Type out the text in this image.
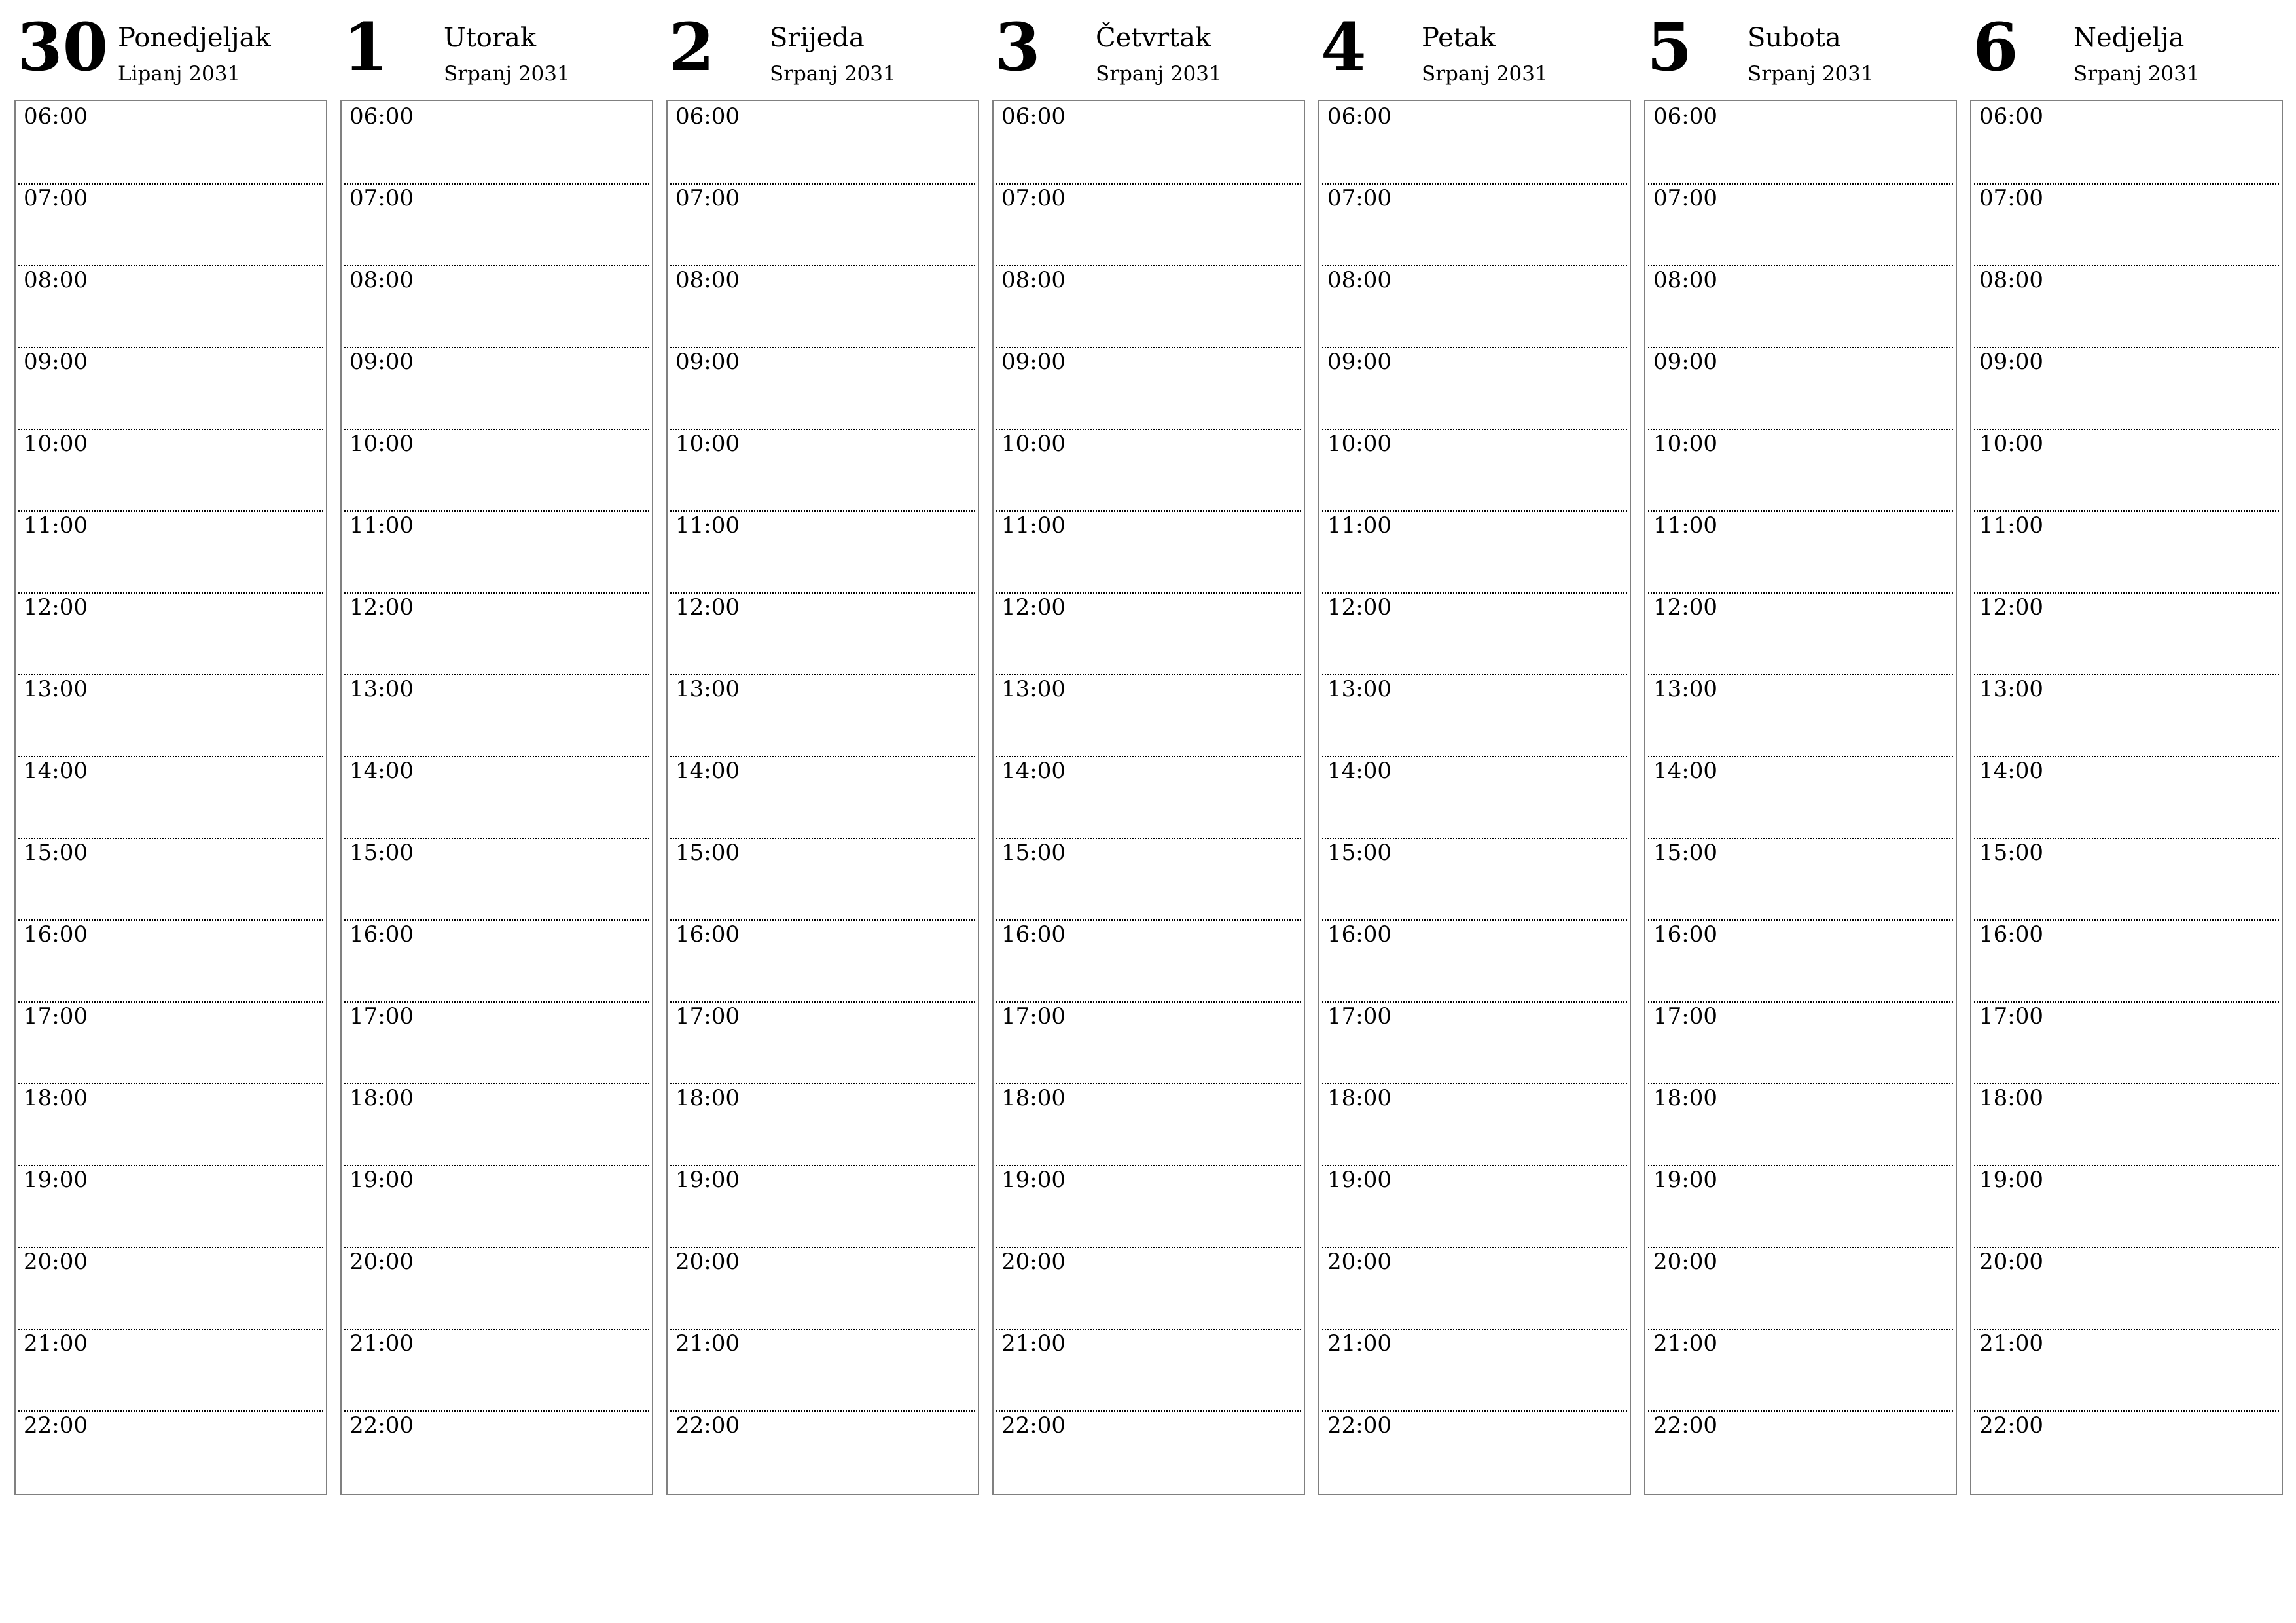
30 Ponedjeljak
Lipanj 2031
06:00
07:00
08:00
09:00
10:00
11:00
12:00
13:00
14:00
15:00
16:00
17:00
18:00
19:00
20:00
21:00
22:00
1 Utorak
Srpanj 2031
06:00
07:00
08:00
09:00
10:00
11:00
12:00
13:00
14:00
15:00
16:00
17:00
18:00
19:00
20:00
21:00
22:00
2 Srijeda
Srpanj 2031
06:00
07:00
08:00
09:00
10:00
11:00
12:00
13:00
14:00
15:00
16:00
17:00
18:00
19:00
20:00
21:00
22:00
3 Četvrtak
Srpanj 2031
06:00
07:00
08:00
09:00
10:00
11:00
12:00
13:00
14:00
15:00
16:00
17:00
18:00
19:00
20:00
21:00
22:00
4 Petak
Srpanj 2031
06:00
07:00
08:00
09:00
10:00
11:00
12:00
13:00
14:00
15:00
16:00
17:00
18:00
19:00
20:00
21:00
22:00
5 Subota
Srpanj 2031
06:00
07:00
08:00
09:00
10:00
11:00
12:00
13:00
14:00
15:00
16:00
17:00
18:00
19:00
20:00
21:00
22:00
6 Nedjelja
Srpanj 2031
06:00
07:00
08:00
09:00
10:00
11:00
12:00
13:00
14:00
15:00
16:00
17:00
18:00
19:00
20:00
21:00
22:00
